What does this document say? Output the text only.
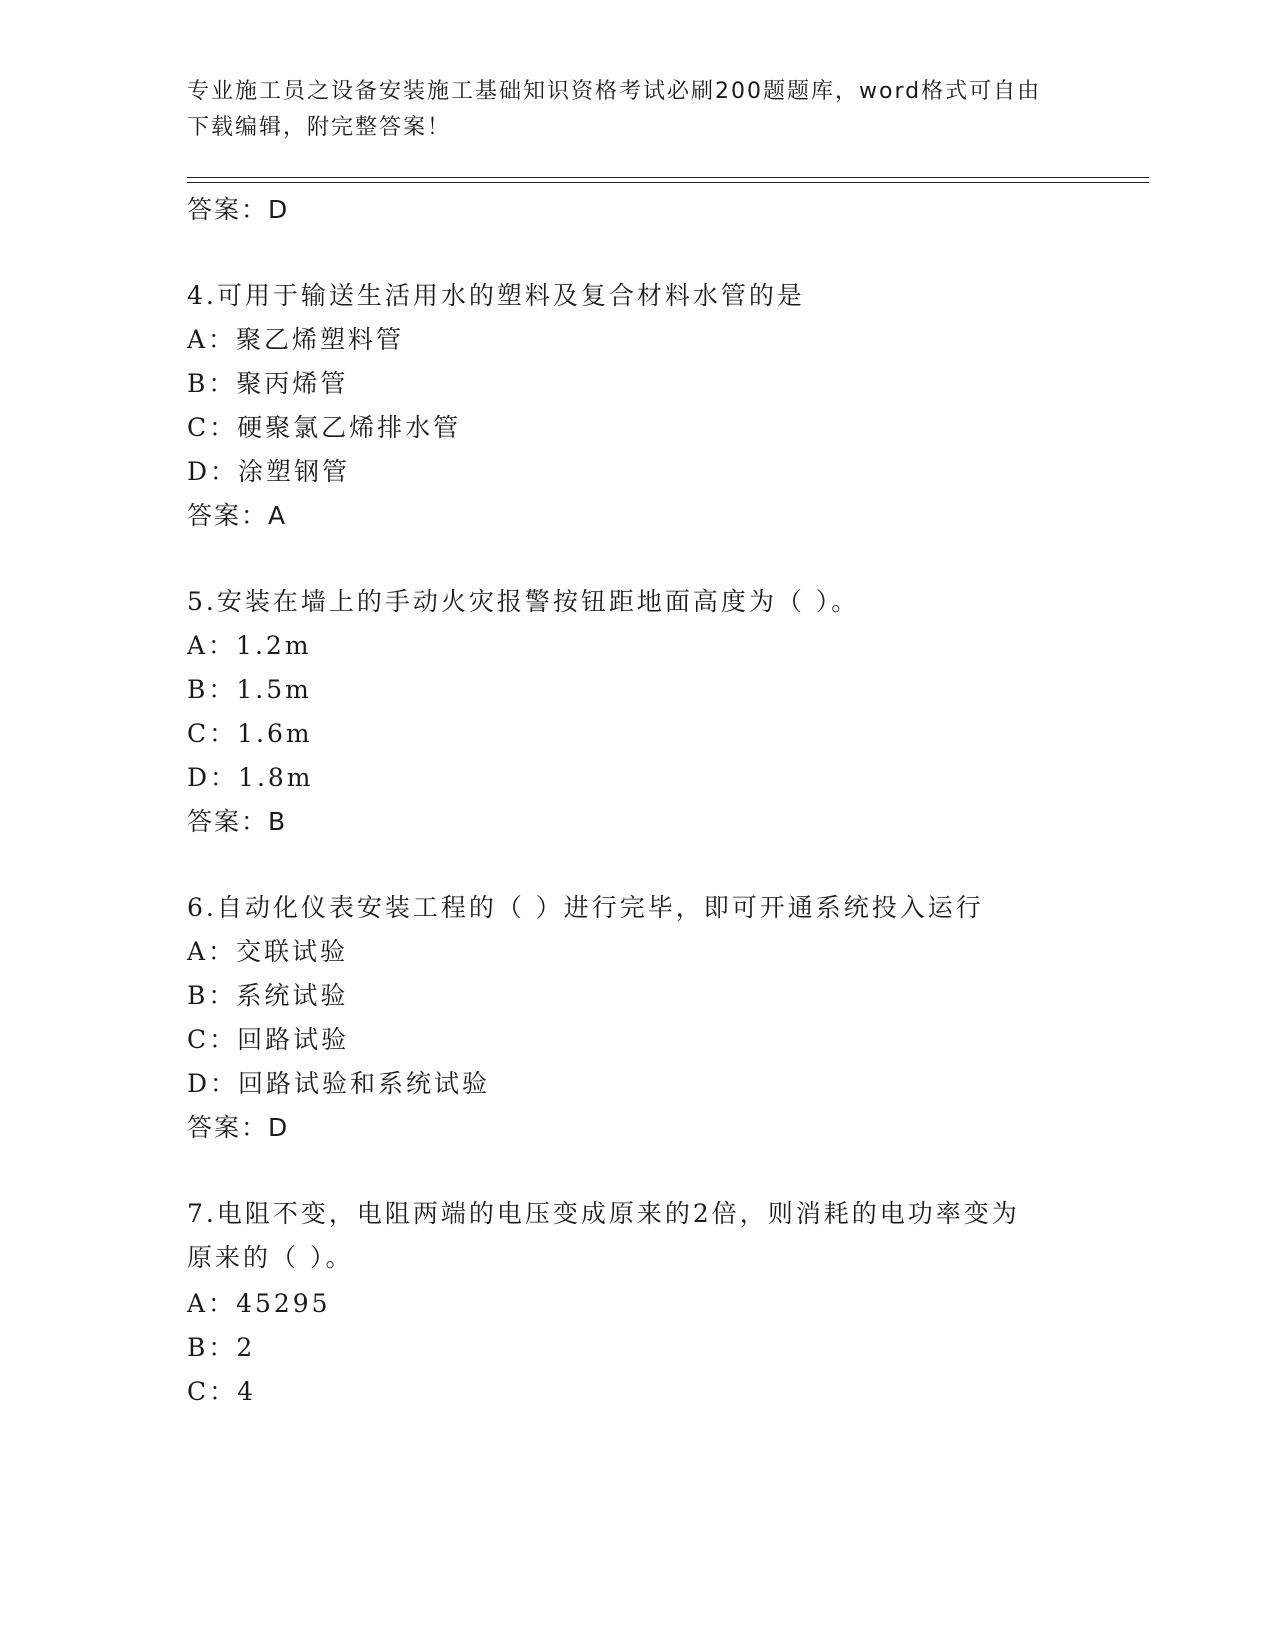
专业施工员之设备安装施工基础知识资格考试必刷200题题库，word格式可自由
下载编辑，附完整答案！
答案：D
4.可用于输送生活用水的塑料及复合材料水管的是
A：聚乙烯塑料管
B：聚丙烯管
C：硬聚氯乙烯排水管
D：涂塑钢管
答案：A
5.安装在墙上的手动火灾报警按钮距地面高度为（ ）。
A：1.2m
B：1.5m
C：1.6m
D：1.8m
答案：B
6.自动化仪表安装工程的（ ）进行完毕，即可开通系统投入运行
A：交联试验
B：系统试验
C：回路试验
D：回路试验和系统试验
答案：D
7.电阻不变，电阻两端的电压变成原来的2倍，则消耗的电功率变为
原来的（ ）。
A：45295
B：2
C：4
